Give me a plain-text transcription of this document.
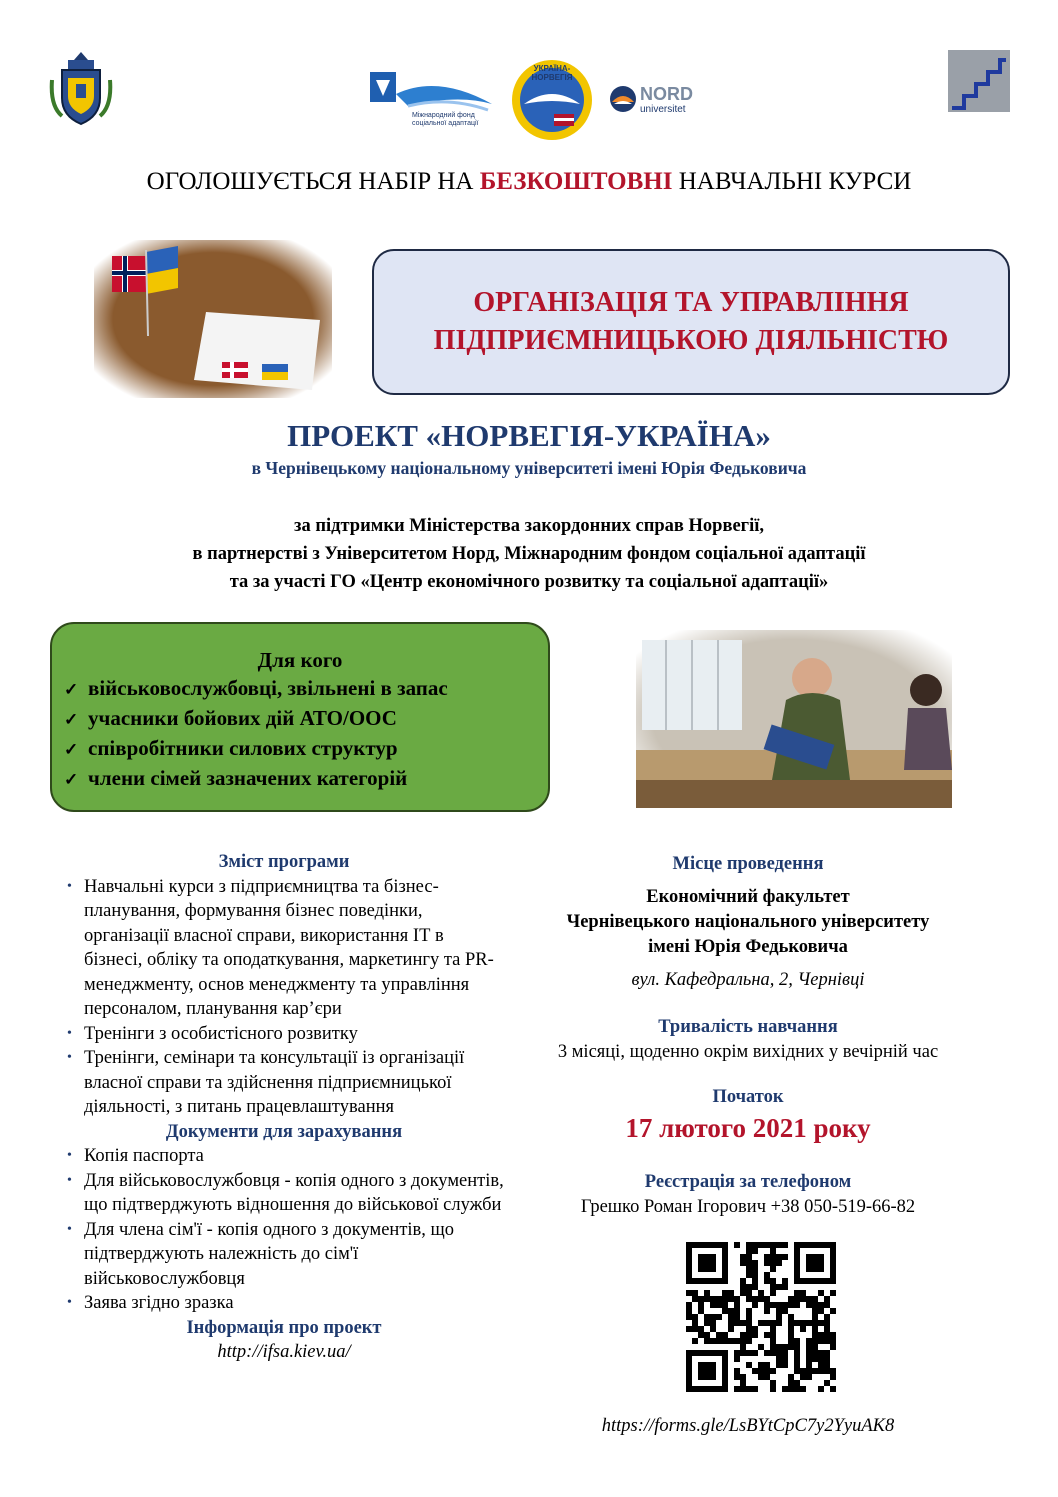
Міжнародний фонд соціальної адаптації
УКРАЇНА-НОРВЕГІЯ
NORD
universitet
ОГОЛОШУЄТЬСЯ НАБІР НА БЕЗКОШТОВНІ НАВЧАЛЬНІ КУРСИ
ОРГАНІЗАЦІЯ ТА УПРАВЛІННЯ
ПІДПРИЄМНИЦЬКОЮ ДІЯЛЬНІСТЮ
ПРОЕКТ «НОРВЕГІЯ-УКРАЇНА»
в Чернівецькому національному університеті імені Юрія Федьковича
за підтримки Міністерства закордонних справ Норвегії,
в партнерстві з Університетом Норд, Міжнародним фондом соціальної адаптації
та за участі ГО «Центр економічного розвитку та соціальної адаптації»
Для кого
✓ військовослужбовці, звільнені в запас
✓ учасники бойових дій АТО/ООС
✓ співробітники силових структур
✓ члени сімей зазначених категорій
Зміст програми
• Навчальні курси з підприємництва та бізнес-планування, формування бізнес поведінки, організації власної справи, використання ІТ в бізнесі, обліку та оподаткування, маркетингу та PR-менеджменту, основ менеджменту та управління персоналом, планування кар’єри
• Тренінги з особистісного розвитку
• Тренінги, семінари та консультації із організації власної справи та здійснення підприємницької діяльності, з питань працевлаштування
Документи для зарахування
• Копія паспорта
• Для військовослужбовця - копія одного з документів, що підтверджують відношення до військової служби
• Для члена сім'ї - копія одного з документів, що підтверджують належність до сім'ї військовослужбовця
• Заява згідно зразка
Інформація про проект
http://ifsa.kiev.ua/
Місце проведення
Економічний факультет
Чернівецького національного університету
імені Юрія Федьковича
вул. Кафедральна, 2, Чернівці
Тривалість навчання
3 місяці, щоденно окрім вихідних у вечірній час
Початок
17 лютого 2021 року
Реєстрація за телефоном
Грешко Роман Ігорович +38 050-519-66-82
https://forms.gle/LsBYtCpC7y2YyuAK8
